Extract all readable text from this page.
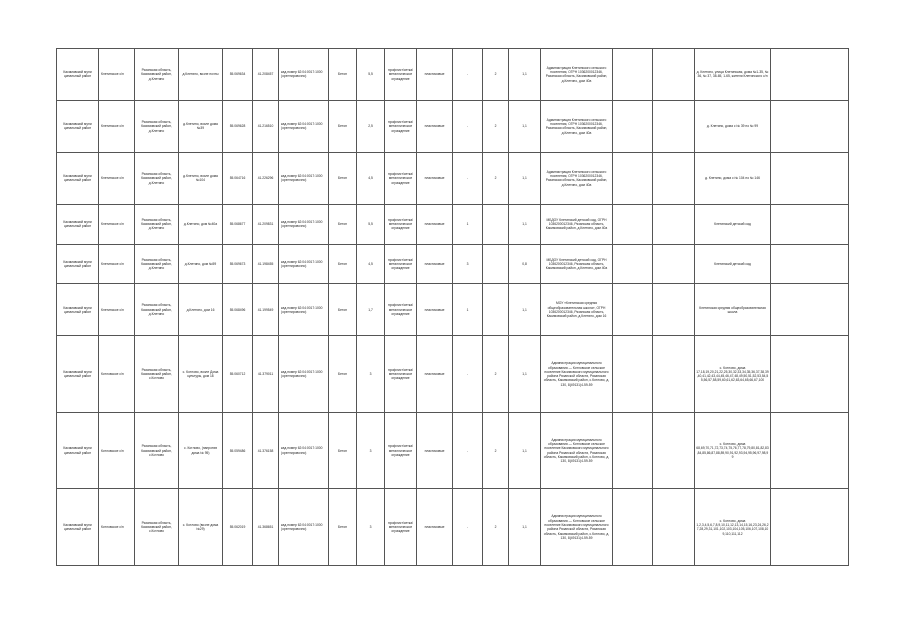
Касимовский муни ципальный район	Клетинское с/п	Рязанская область, Касимовский район, д.Клетино	д.Клетино, возле почты	55.069634	41.208457	кад.номер 62:04:0017:1000 (орентировочно)	Бетон	5,5	профлист/сетка/ металлическое ограждение	пластиковые	-	2	1,1	Администрация Клетинского сельского поселения, ОГРН 1036200012346, Рязанская область, Касимовский район, д.Клетино, дом 40а			д. Клетино, улица Клетинская, дома №1-35, № 36, № 37, 38-65, 1-65, жители Клетинского с/п	
Касимовский муни ципальный район	Клетинское с/п	Рязанская область, Касимовский район, д.Клетино	д.Клетино, возле дома №39	55.069628	41.216510	кад.номер 62:04:0017:1000 (орентировочно)	Бетон	2,5	профлист/сетка/ металлическое ограждение	пластиковые	-	2	1,1	Администрация Клетинского сельского поселения, ОГРН 1036200012346, Рязанская область, Касимовский район, д.Клетино, дом 40а			д. Клетино, дома с № 39 по № 99	
Касимовский муни ципальный район	Клетинское с/п	Рязанская область, Касимовский район, д.Клетино	д.Клетино, возле дома №104	55.064716	41.226296	кад.номер 62:04:0017:1000 (орентировочно)	Бетон	4,5	профлист/сетка/ металлическое ограждение	пластиковые	-	2	1,1	Администрация Клетинского сельского поселения, ОГРН 1036200012346, Рязанская область, Касимовский район, д.Клетино, дом 40а			д. Клетино, дома с № 104 по № 146	
Касимовский муни ципальный район	Клетинское с/п	Рязанская область, Касимовский район, д.Клетино	д.Клетино, дом №40а	55.068677	41.209831	кад.номер 62:04:0017:1000 (орентировочно)	Бетон	5,5	профлист/сетка/ металлическое ограждение	пластиковые	1		1,1	МБДОУ Клетинский детский сад, ОГРН 1036200012346, Рязанская область, Касимовский район, д.Клетино, дом 40а			Клетинский детский сад	
Касимовский муни ципальный район	Клетинское с/п	Рязанская область, Касимовский район, д.Клетино	д.Клетино, дом №59	55.069673	41.198455	кад.номер 62:04:0017:1000 (орентировочно)	Бетон	4,5	профлист/сетка/ металлическое ограждение	пластиковые	3		0,8	МБДОУ Клетинский детский сад, ОГРН 1036200012346, Рязанская область, Касимовский район, д.Клетино, дом 40а			Клетинский детский сад	
Касимовский муни ципальный район	Клетинское с/п	Рязанская область, Касимовский район, д.Клетино	д.Клетино, дом 16	55.068496	41.199549	кад.номер 62:04:0017:1000 (орентировочно)	Бетон	1,7	профлист/сетка/ металлическое ограждение	пластиковые	1		1,1	МОУ «Клетинская средняя общеобразовательная школа», ОГРН 1036200012346, Рязанская область, Касимовский район, д.Клетино, дом 16			Клетинская средняя общеобразовательная школа	
Касимовский муни ципальный район	Котловское с/п	Рязанская область, Касимовский район, с.Котлово	с. Котлово, возле Дома культуры, дом 18	55.060712	41.379011	кад.номер 62:04:0017:1000 (орентировочно)	Бетон	3	профлист/сетка/ металлическое ограждение	пластиковые	-	2	1,1	Администрация муниципального образования — Котловское сельское поселение Касимовского муниципального района Рязанской области, Рязанская область, Касимовский район, с.Котлово, д. 130, 8(49131)4-59-59			с. Котлово, дома 17,18,19,20,21,22,25,30,32,33,34,35,36,37,38,39,40,41,42,43,44,45,46,47,48,49,50,51,52,53,54,55,56,57,58,59,60,61,62,63,64,65,66,67,100	
Касимовский муни ципальный район	Котловское с/п	Рязанская область, Касимовский район, с.Котлово	с. Котлово, (напротив дома № 95)	55.059486	41.376158	кад.номер 62:04:0017:1000 (орентировочно)	Бетон	3	профлист/сетка/ металлическое ограждение	пластиковые	-	2	1,1	Администрация муниципального образования — Котловское сельское поселение Касимовского муниципального района Рязанской области, Рязанская область, Касимовский район, с.Котлово, д. 130, 8(49131)4-59-59			с. Котлово, дома 68,69,70,71,72,73,74,75,76,77,78,79,80,81,82,83,84,85,86,87,88,89,90,91,92,93,94,95,96,97,98,99	
Касимовский муни ципальный район	Котловское с/п	Рязанская область, Касимовский район, с.Котлово	с. Котлово (возле дома №29)	55.062019	41.368651	кад.номер 62:04:0017:1000 (орентировочно)	Бетон	3	профлист/сетка/ металлическое ограждение	пластиковые	-	2	1,1	Администрация муниципального образования — Котловское сельское поселение Касимовского муниципального района Рязанской области, Рязанская область, Касимовский район, с.Котлово, д. 130, 8(49131)4-59-59			с. Котлово, дома 1,2,3,4,5,6,7,8,9,10,11,12,13,14,15,16,23,24,26,27,28,29,31,101,102,103,104,105,106,107,108,109,110,111,112	
